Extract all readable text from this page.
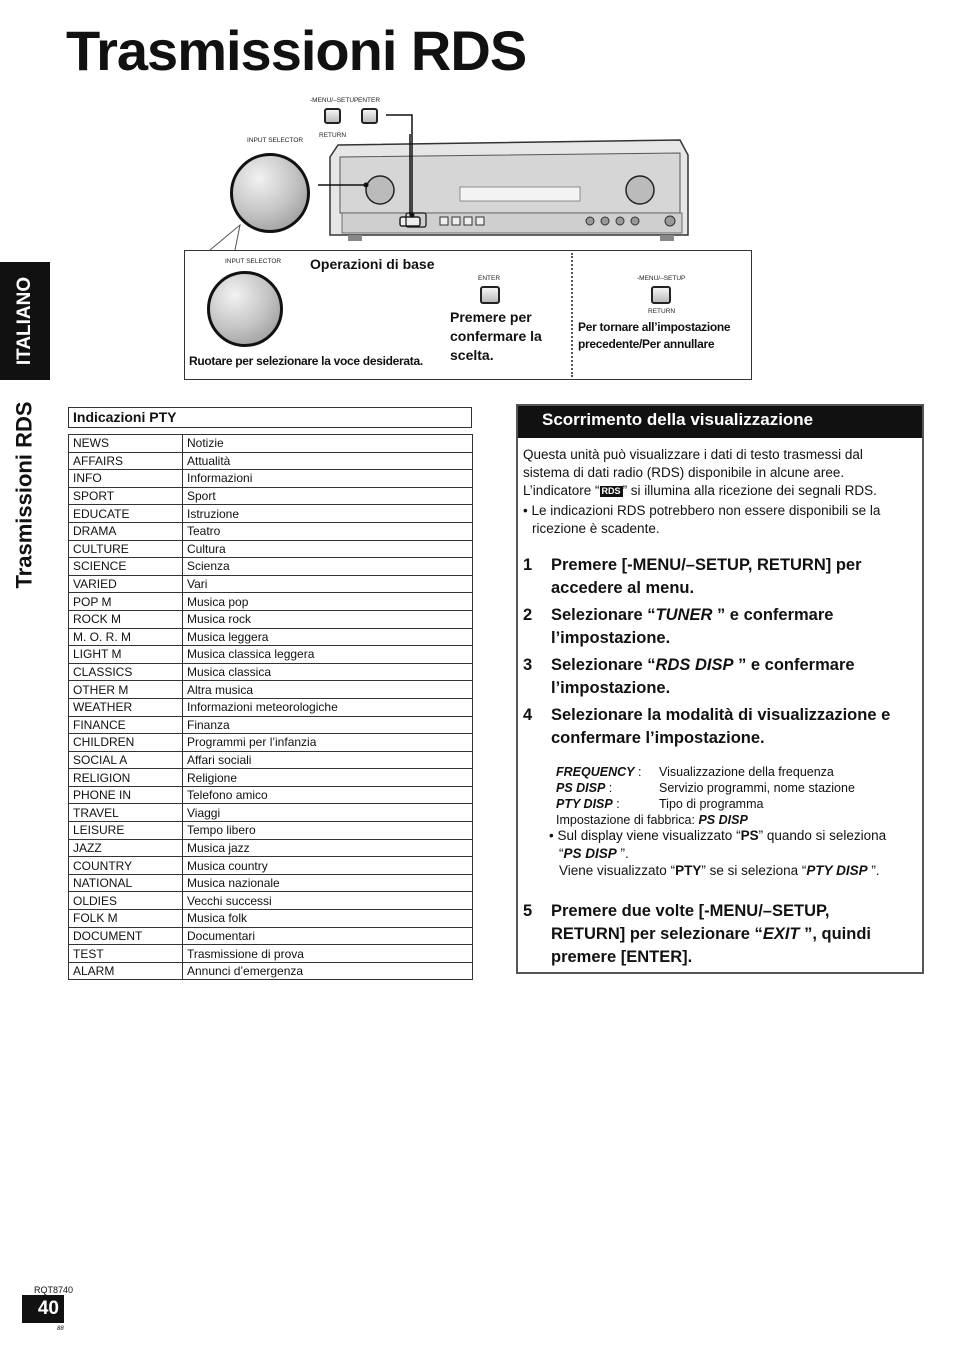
Trasmissioni RDS
ITALIANO
Trasmissioni RDS
-MENU/–SETUP ENTER
RETURN
INPUT SELECTOR
INPUT SELECTOR Operazioni di base
Ruotare per selezionare la voce desiderata.
ENTER
Premere per confermare la scelta.
-MENU/–SETUP
RETURN
Per tornare all’impostazione precedente/Per annullare
Indicazioni PTY
NEWS	Notizie
AFFAIRS	Attualità
INFO	Informazioni
SPORT	Sport
EDUCATE	Istruzione
DRAMA	Teatro
CULTURE	Cultura
SCIENCE	Scienza
VARIED	Vari
POP M	Musica pop
ROCK M	Musica rock
M. O. R. M	Musica leggera
LIGHT M	Musica classica leggera
CLASSICS	Musica classica
OTHER M	Altra musica
WEATHER	Informazioni meteorologiche
FINANCE	Finanza
CHILDREN	Programmi per l’infanzia
SOCIAL A	Affari sociali
RELIGION	Religione
PHONE IN	Telefono amico
TRAVEL	Viaggi
LEISURE	Tempo libero
JAZZ	Musica jazz
COUNTRY	Musica country
NATIONAL	Musica nazionale
OLDIES	Vecchi successi
FOLK M	Musica folk
DOCUMENT	Documentari
TEST	Trasmissione di prova
ALARM	Annunci d’emergenza
Scorrimento della visualizzazione
Questa unità può visualizzare i dati di testo trasmessi dal
sistema di dati radio (RDS) disponibile in alcune aree.
L’indicatore “ RDS ” si illumina alla ricezione dei segnali RDS.
• Le indicazioni RDS potrebbero non essere disponibili se la
ricezione è scadente.
1 Premere [-MENU/–SETUP, RETURN] per
accedere al menu.
2 Selezionare “TUNER ” e confermare
l’impostazione.
3 Selezionare “RDS DISP ” e confermare
l’impostazione.
4 Selezionare la modalità di visualizzazione e
confermare l’impostazione.
FREQUENCY : Visualizzazione della frequenza
PS DISP :	Servizio programmi, nome stazione
PTY DISP :	Tipo di programma
Impostazione di fabbrica: PS DISP
• Sul display viene visualizzato “PS” quando si seleziona
“PS DISP ”.
Viene visualizzato “PTY” se si seleziona “PTY DISP ”.
5 Premere due volte [-MENU/–SETUP,
RETURN] per selezionare “EXIT ”, quindi
premere [ENTER].
RQT8740
40
88
